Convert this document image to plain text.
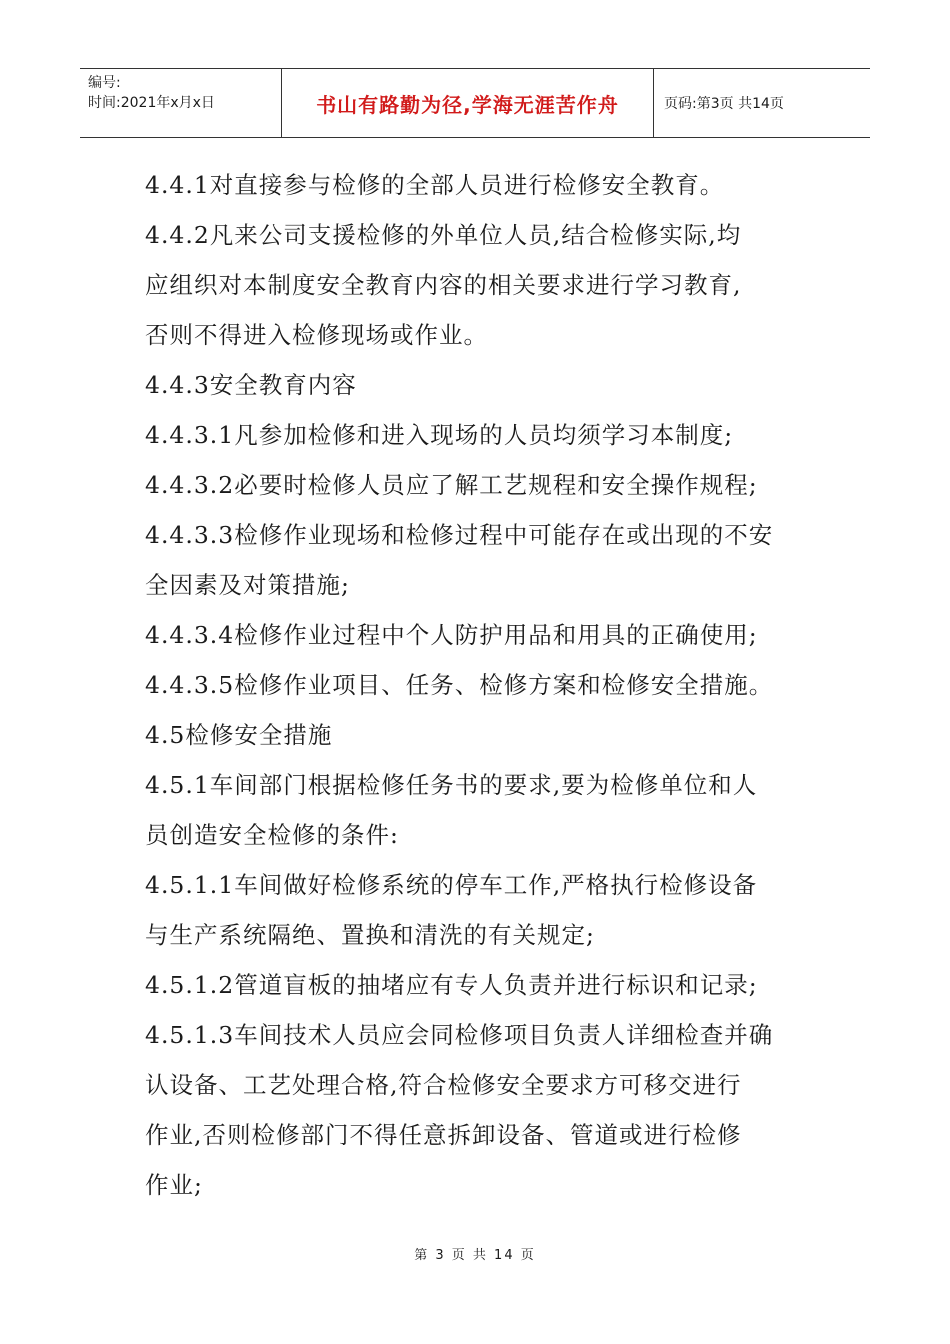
编号:
时间:2021年x月x日	书山有路勤为径,学海无涯苦作舟	页码:第3页 共14页

4.4.1对直接参与检修的全部人员进行检修安全教育。

4.4.2凡来公司支援检修的外单位人员,结合检修实际,均

应组织对本制度安全教育内容的相关要求进行学习教育,

否则不得进入检修现场或作业。

4.4.3安全教育内容

4.4.3.1凡参加检修和进入现场的人员均须学习本制度;

4.4.3.2必要时检修人员应了解工艺规程和安全操作规程;

4.4.3.3检修作业现场和检修过程中可能存在或出现的不安

全因素及对策措施;

4.4.3.4检修作业过程中个人防护用品和用具的正确使用;

4.4.3.5检修作业项目、任务、检修方案和检修安全措施。

4.5检修安全措施

4.5.1车间部门根据检修任务书的要求,要为检修单位和人

员创造安全检修的条件:

4.5.1.1车间做好检修系统的停车工作,严格执行检修设备

与生产系统隔绝、置换和清洗的有关规定;

4.5.1.2管道盲板的抽堵应有专人负责并进行标识和记录;

4.5.1.3车间技术人员应会同检修项目负责人详细检查并确

认设备、工艺处理合格,符合检修安全要求方可移交进行

作业,否则检修部门不得任意拆卸设备、管道或进行检修

作业;

第 3 页 共 14 页
